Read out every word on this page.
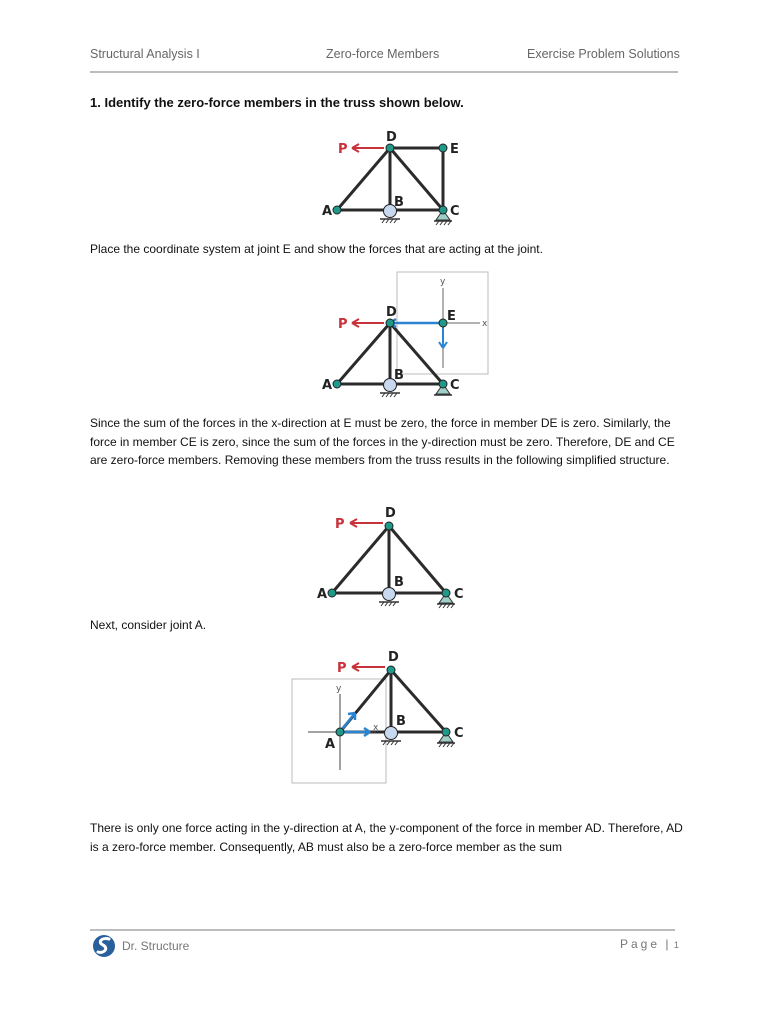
Structural Analysis I	Zero-force Members	Exercise Problem Solutions
1. Identify the zero-force members in the truss shown below.
A
B
C
D
E
P

Place the coordinate system at joint E and show the forces that are acting at the joint.

x
y
A
B
C
D	E
P

Since the sum of the forces in the x-direction at E must be zero, the force in member DE is zero. Similarly, the force in member CE is zero, since the sum of the forces in the y-direction must be zero. Therefore, DE and CE are zero-force members. Removing these members from the truss results in the following simplified structure.

A
B
C
D
P

Next, consider joint A.

y
x
A
B
C
D
P

There is only one force acting in the y-direction at A, the y-component of the force in member AD. Therefore, AD is a zero-force member. Consequently, AB must also be a zero-force member as the sum

Dr. Structure	Page | 1
